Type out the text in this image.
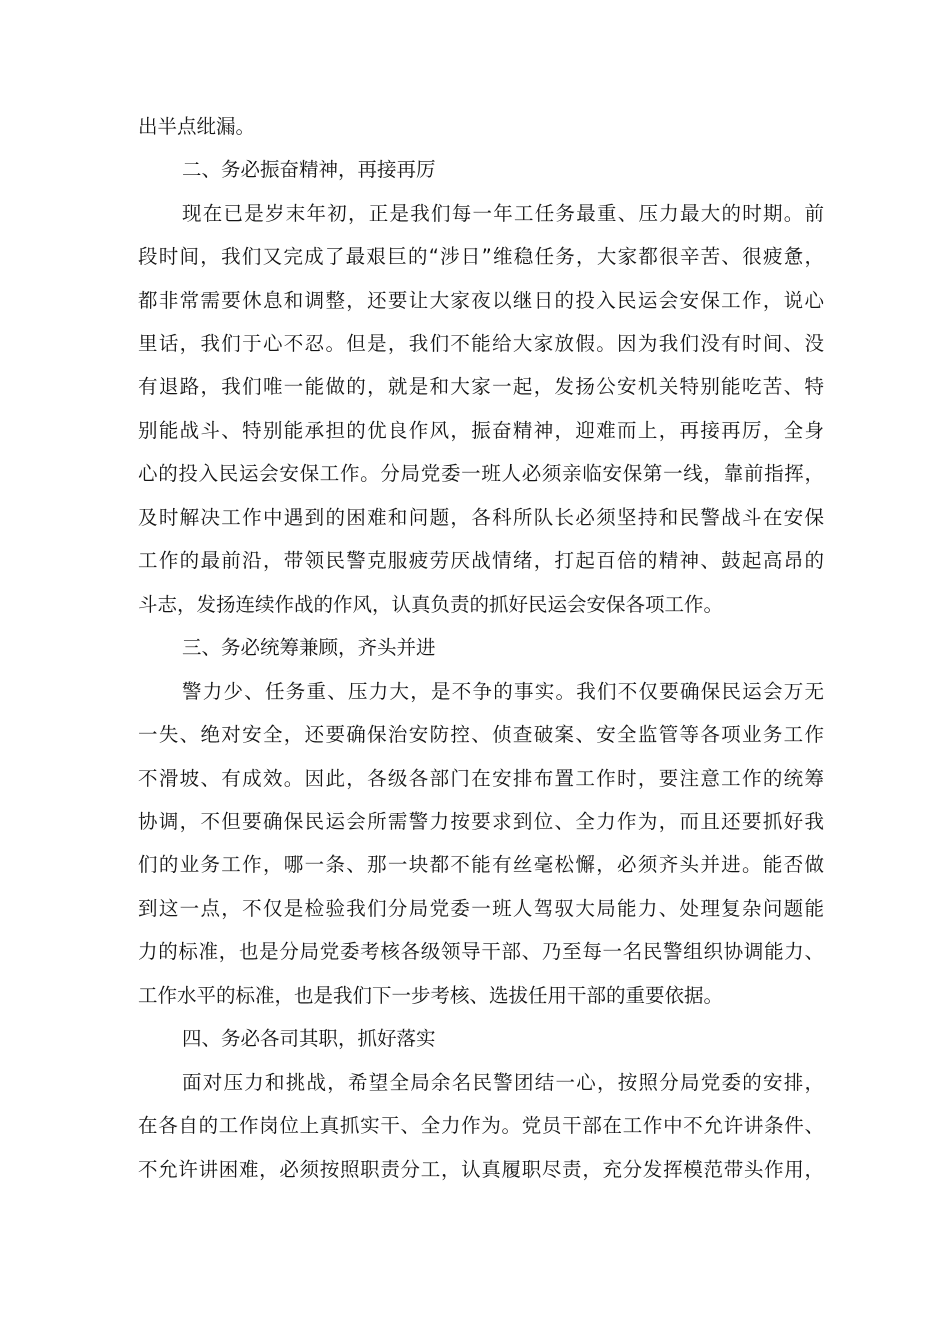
出半点纰漏。
二、务必振奋精神，再接再厉
现在已是岁末年初，正是我们每一年工任务最重、压力最大的时期。前
段时间，我们又完成了最艰巨的“涉日”维稳任务，大家都很辛苦、很疲惫，
都非常需要休息和调整，还要让大家夜以继日的投入民运会安保工作，说心
里话，我们于心不忍。但是，我们不能给大家放假。因为我们没有时间、没
有退路，我们唯一能做的，就是和大家一起，发扬公安机关特别能吃苦、特
别能战斗、特别能承担的优良作风，振奋精神，迎难而上，再接再厉，全身
心的投入民运会安保工作。分局党委一班人必须亲临安保第一线，靠前指挥，
及时解决工作中遇到的困难和问题，各科所队长必须坚持和民警战斗在安保
工作的最前沿，带领民警克服疲劳厌战情绪，打起百倍的精神、鼓起高昂的
斗志，发扬连续作战的作风，认真负责的抓好民运会安保各项工作。
三、务必统筹兼顾，齐头并进
警力少、任务重、压力大，是不争的事实。我们不仅要确保民运会万无
一失、绝对安全，还要确保治安防控、侦查破案、安全监管等各项业务工作
不滑坡、有成效。因此，各级各部门在安排布置工作时，要注意工作的统筹
协调，不但要确保民运会所需警力按要求到位、全力作为，而且还要抓好我
们的业务工作，哪一条、那一块都不能有丝毫松懈，必须齐头并进。能否做
到这一点，不仅是检验我们分局党委一班人驾驭大局能力、处理复杂问题能
力的标准，也是分局党委考核各级领导干部、乃至每一名民警组织协调能力、
工作水平的标准，也是我们下一步考核、选拔任用干部的重要依据。
四、务必各司其职，抓好落实
面对压力和挑战，希望全局余名民警团结一心，按照分局党委的安排，
在各自的工作岗位上真抓实干、全力作为。党员干部在工作中不允许讲条件、
不允许讲困难，必须按照职责分工，认真履职尽责，充分发挥模范带头作用，
